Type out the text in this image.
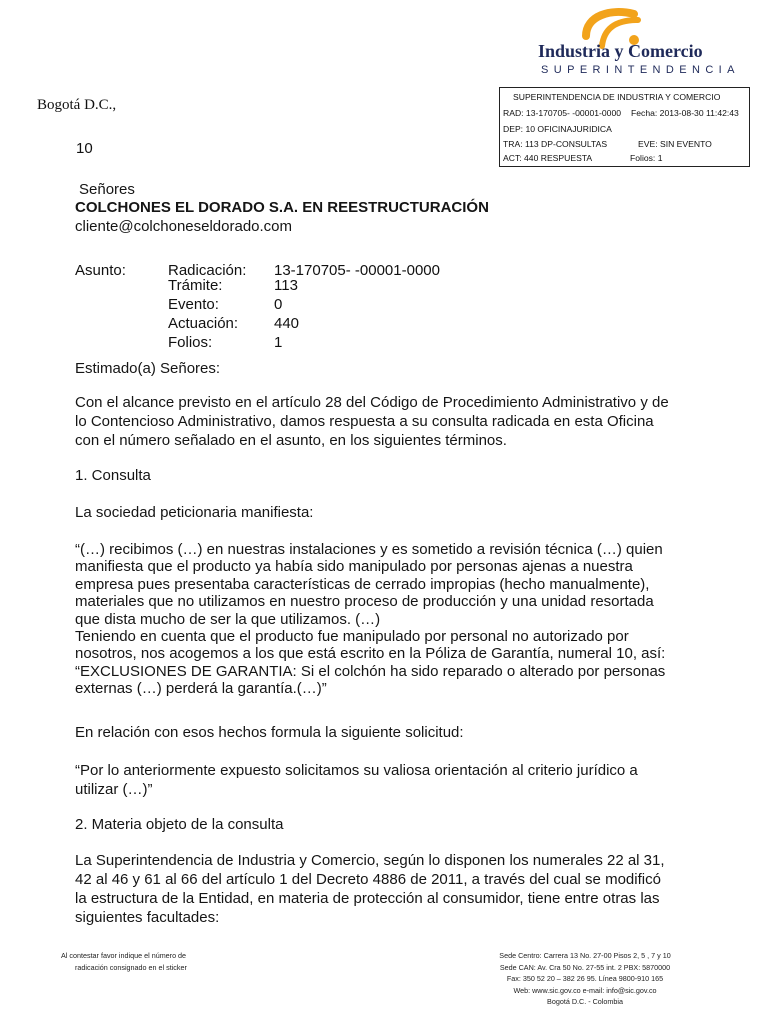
Industria y Comercio
SUPERINTENDENCIA
SUPERINTENDENCIA DE INDUSTRIA Y COMERCIO
RAD: 13-170705- -00001-0000 Fecha: 2013-08-30 11:42:43
DEP: 10 OFICINAJURIDICA
TRA: 113 DP-CONSULTAS	EVE: SIN EVENTO
ACT: 440 RESPUESTA	Folios: 1
Bogotá D.C.,
10
Señores
COLCHONES EL DORADO S.A. EN REESTRUCTURACIÓN
cliente@colchoneseldorado.com
Asunto:	Radicación: 13-170705- -00001-0000
Trámite:	113
Evento:	0
Actuación: 440
Folios:	1
Estimado(a) Señores:
Con el alcance previsto en el artículo 28 del Código de Procedimiento Administrativo y de
lo Contencioso Administrativo, damos respuesta a su consulta radicada en esta Oficina
con el número señalado en el asunto, en los siguientes términos.
1. Consulta
La sociedad peticionaria manifiesta:
“(…) recibimos (…) en nuestras instalaciones y es sometido a revisión técnica (…) quien
manifiesta que el producto ya había sido manipulado por personas ajenas a nuestra
empresa pues presentaba características de cerrado impropias (hecho manualmente),
materiales que no utilizamos en nuestro proceso de producción y una unidad resortada
que dista mucho de ser la que utilizamos. (…)
Teniendo en cuenta que el producto fue manipulado por personal no autorizado por
nosotros, nos acogemos a los que está escrito en la Póliza de Garantía, numeral 10, así:
“EXCLUSIONES DE GARANTIA: Si el colchón ha sido reparado o alterado por personas
externas (…) perderá la garantía.(…)”
En relación con esos hechos formula la siguiente solicitud:
“Por lo anteriormente expuesto solicitamos su valiosa orientación al criterio jurídico a
utilizar (…)”
2. Materia objeto de la consulta
La Superintendencia de Industria y Comercio, según lo disponen los numerales 22 al 31,
42 al 46 y 61 al 66 del artículo 1 del Decreto 4886 de 2011, a través del cual se modificó
la estructura de la Entidad, en materia de protección al consumidor, tiene entre otras las
siguientes facultades:
Al contestar favor indique el número de
radicación consignado en el sticker
Sede Centro: Carrera 13 No. 27-00 Pisos 2, 5 , 7 y 10
Sede CAN: Av. Cra 50 No. 27-55 int. 2 PBX: 5870000
Fax: 350 52 20 – 382 26 95. Línea 9800-910 165
Web: www.sic.gov.co e-mail: info@sic.gov.co
Bogotá D.C. - Colombia
